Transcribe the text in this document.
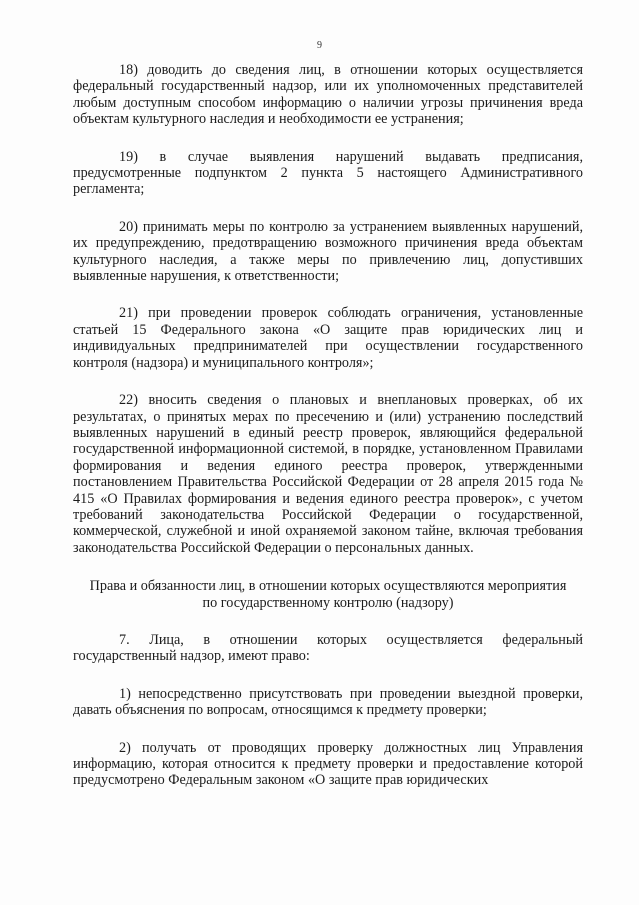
9

18) доводить до сведения лиц, в отношении которых осуществляется федеральный государственный надзор, или их уполномоченных представителей любым доступным способом информацию о наличии угрозы причинения вреда объектам культурного наследия и необходимости ее устранения;

19) в случае выявления нарушений выдавать предписания, предусмотренные подпунктом 2 пункта 5 настоящего Административного регламента;

20) принимать меры по контролю за устранением выявленных нарушений, их предупреждению, предотвращению возможного причинения вреда объектам культурного наследия, а также меры по привлечению лиц, допустивших выявленные нарушения, к ответственности;

21) при проведении проверок соблюдать ограничения, установленные статьей 15 Федерального закона «О защите прав юридических лиц и индивидуальных предпринимателей при осуществлении государственного контроля (надзора) и муниципального контроля»;

22) вносить сведения о плановых и внеплановых проверках, об их результатах, о принятых мерах по пресечению и (или) устранению последствий выявленных нарушений в единый реестр проверок, являющийся федеральной государственной информационной системой, в порядке, установленном Правилами формирования и ведения единого реестра проверок, утвержденными постановлением Правительства Российской Федерации от 28 апреля 2015 года № 415 «О Правилах формирования и ведения единого реестра проверок», с учетом требований законодательства Российской Федерации о государственной, коммерческой, служебной и иной охраняемой законом тайне, включая требования законодательства Российской Федерации о персональных данных.

Права и обязанности лиц, в отношении которых осуществляются мероприятия по государственному контролю (надзору)

7. Лица, в отношении которых осуществляется федеральный государственный надзор, имеют право:

1) непосредственно присутствовать при проведении выездной проверки, давать объяснения по вопросам, относящимся к предмету проверки;

2) получать от проводящих проверку должностных лиц Управления информацию, которая относится к предмету проверки и предоставление которой предусмотрено Федеральным законом «О защите прав юридических
